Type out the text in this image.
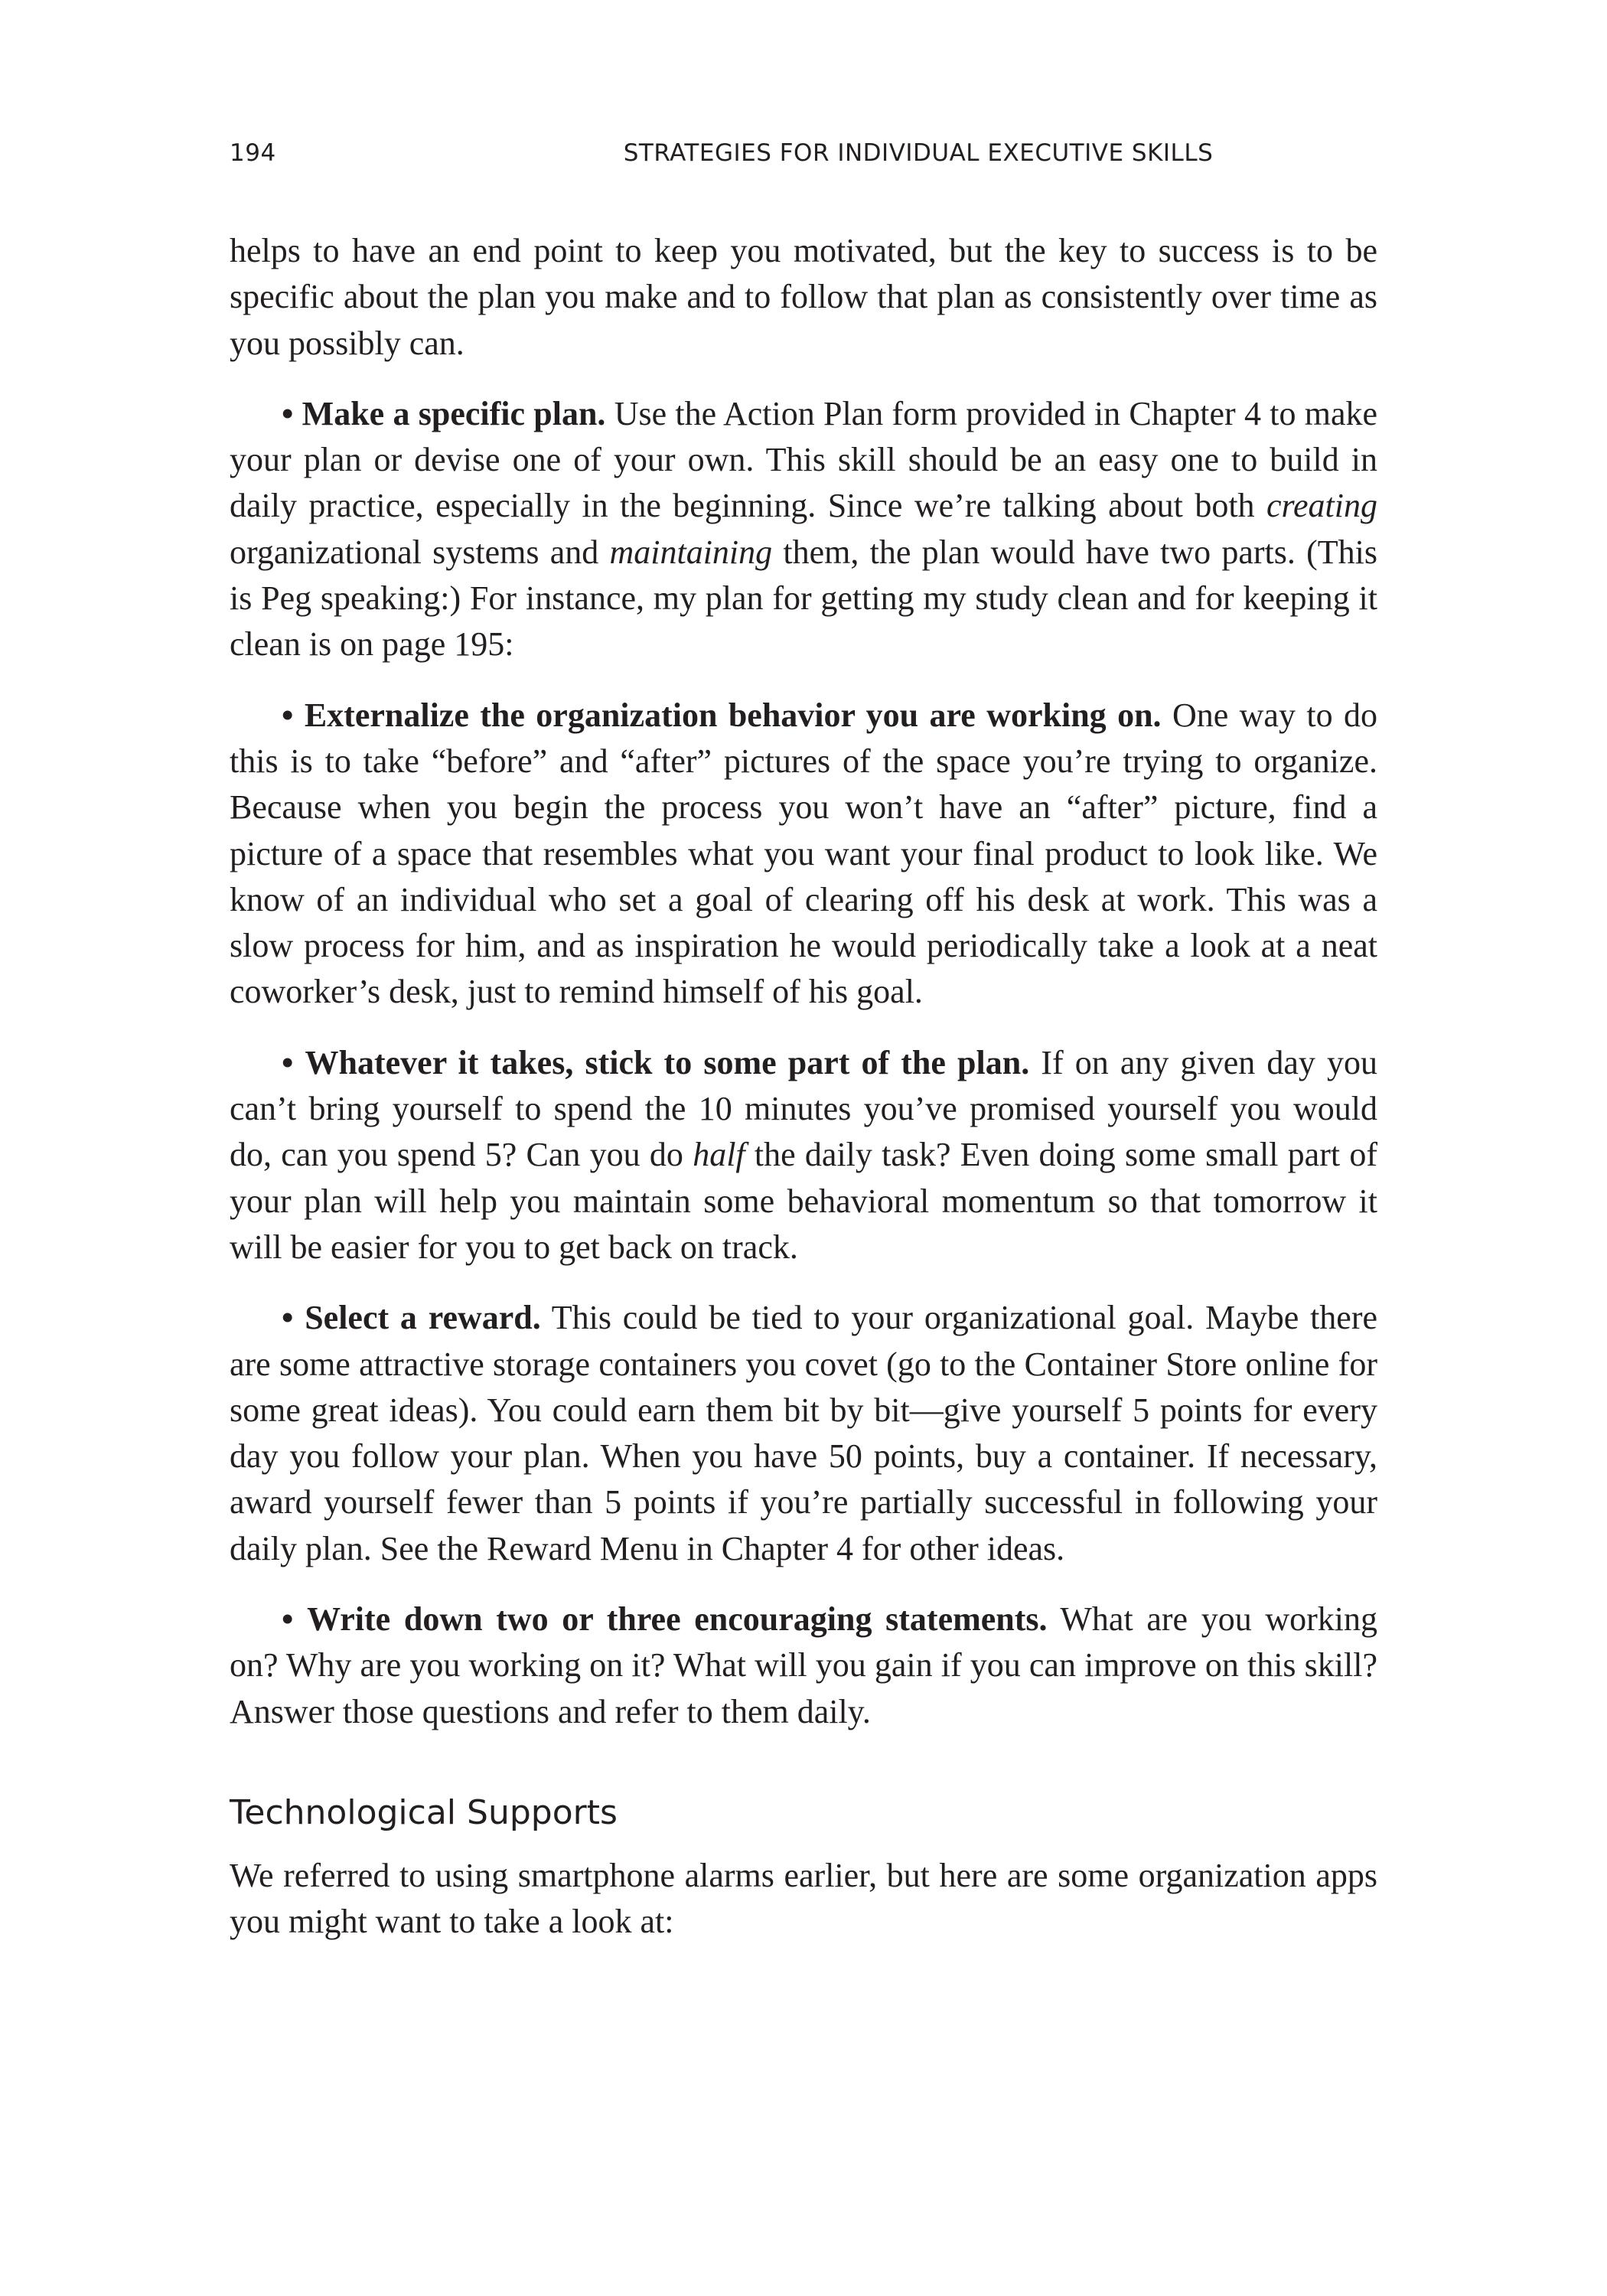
194	STRATEGIES FOR INDIVIDUAL EXECUTIVE SKILLS

helps to have an end point to keep you motivated, but the key to success is to be specific about the plan you make and to follow that plan as consistently over time as you possibly can.

• Make a specific plan. Use the Action Plan form provided in Chapter 4 to make your plan or devise one of your own. This skill should be an easy one to build in daily practice, especially in the beginning. Since we’re talking about both creating organizational systems and maintaining them, the plan would have two parts. (This is Peg speaking:) For instance, my plan for getting my study clean and for keeping it clean is on page 195:

• Externalize the organization behavior you are working on. One way to do this is to take “before” and “after” pictures of the space you’re trying to organize. Because when you begin the process you won’t have an “after” picture, find a picture of a space that resembles what you want your final product to look like. We know of an individual who set a goal of clearing off his desk at work. This was a slow process for him, and as inspiration he would periodically take a look at a neat coworker’s desk, just to remind himself of his goal.

• Whatever it takes, stick to some part of the plan. If on any given day you can’t bring yourself to spend the 10 minutes you’ve promised yourself you would do, can you spend 5? Can you do half the daily task? Even doing some small part of your plan will help you maintain some behavioral momentum so that tomorrow it will be easier for you to get back on track.

• Select a reward. This could be tied to your organizational goal. Maybe there are some attractive storage containers you covet (go to the Container Store online for some great ideas). You could earn them bit by bit—give yourself 5 points for every day you follow your plan. When you have 50 points, buy a container. If necessary, award yourself fewer than 5 points if you’re partially successful in following your daily plan. See the Reward Menu in Chapter 4 for other ideas.

• Write down two or three encouraging statements. What are you working on? Why are you working on it? What will you gain if you can improve on this skill? Answer those questions and refer to them daily.

Technological Supports

We referred to using smartphone alarms earlier, but here are some organization apps you might want to take a look at:
